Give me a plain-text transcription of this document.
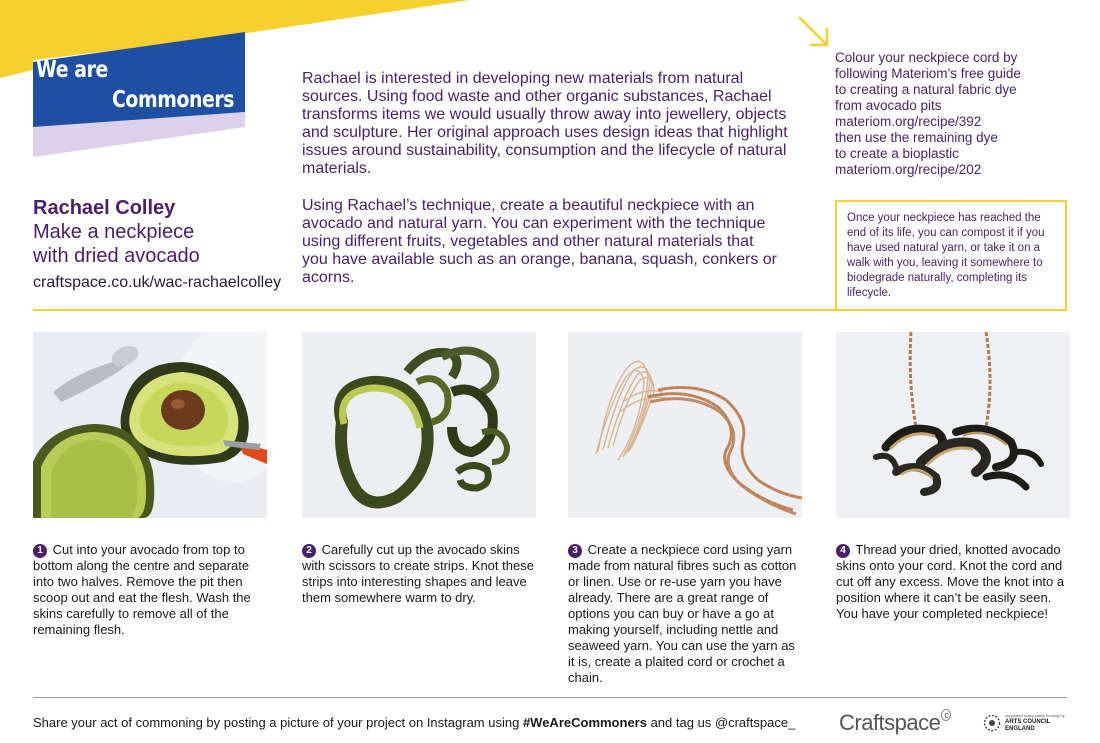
We are
Commoners
Rachael Colley
Make a neckpiece
with dried avocado
craftspace.co.uk/wac-rachaelcolley
Rachael is interested in developing new materials from natural sources. Using food waste and other organic substances, Rachael transforms items we would usually throw away into jewellery, objects and sculpture. Her original approach uses design ideas that highlight issues around sustainability, consumption and the lifecycle of natural materials.
Using Rachael’s technique, create a beautiful neckpiece with an avocado and natural yarn. You can experiment with the technique using different fruits, vegetables and other natural materials that you have available such as an orange, banana, squash, conkers or acorns.
Colour your neckpiece cord by
following Materiom’s free guide
to creating a natural fabric dye
from avocado pits
materiom.org/recipe/392
then use the remaining dye
to create a bioplastic
materiom.org/recipe/202
Once your neckpiece has reached the end of its life, you can compost it if you have used natural yarn, or take it on a walk with you, leaving it somewhere to biodegrade naturally, completing its lifecycle.
1 Cut into your avocado from top to bottom along the centre and separate into two halves. Remove the pit then scoop out and eat the flesh. Wash the skins carefully to remove all of the remaining flesh.
2 Carefully cut up the avocado skins with scissors to create strips. Knot these strips into interesting shapes and leave them somewhere warm to dry.
3 Create a neckpiece cord using yarn made from natural fibres such as cotton or linen. Use or re-use yarn you have already. There are a great range of options you can buy or have a go at making yourself, including nettle and seaweed yarn. You can use the yarn as it is, create a plaited cord or crochet a chain.
4 Thread your dried, knotted avocado skins onto your cord. Knot the cord and cut off any excess. Move the knot into a position where it can’t be easily seen. You have your completed neckpiece!
Share your act of commoning by posting a picture of your project on Instagram using #WeAreCommoners and tag us @craftspace_ Craftspace $^c$	supported using public funding by
ARTS COUNCIL
ENGLAND
